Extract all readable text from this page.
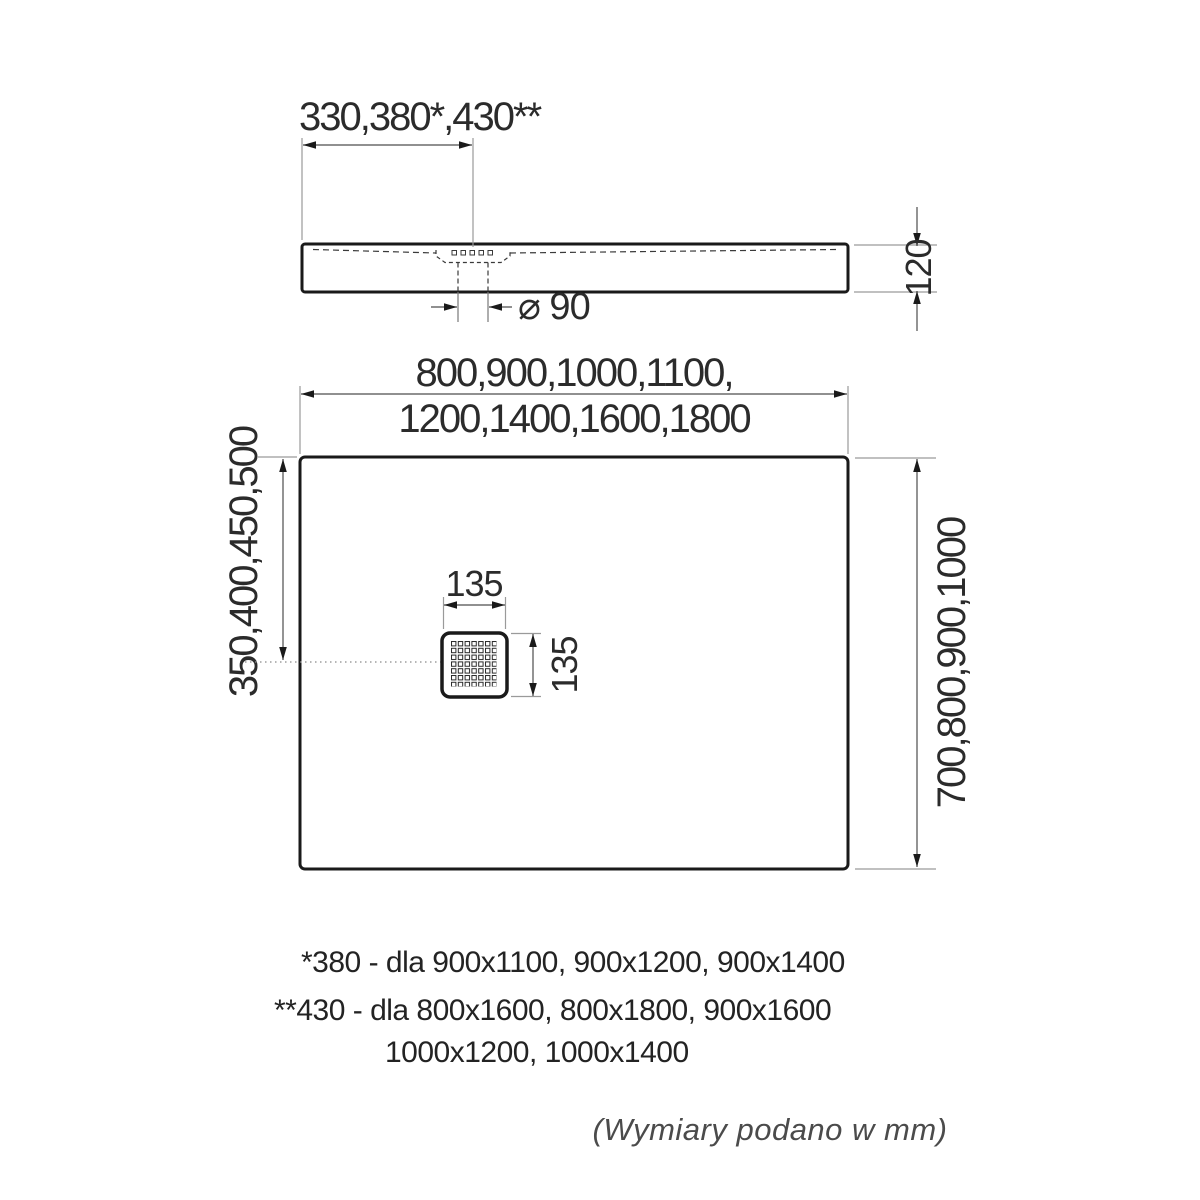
330,380*,430**
120
⌀ 90
800,900,1000,1100,
1200,1400,1600,1800
350,400,450,500	700,800,900,1000
135
135
*380 - dla 900x1100, 900x1200, 900x1400
**430 - dla 800x1600, 800x1800, 900x1600
1000x1200, 1000x1400
(Wymiary podano w mm)
